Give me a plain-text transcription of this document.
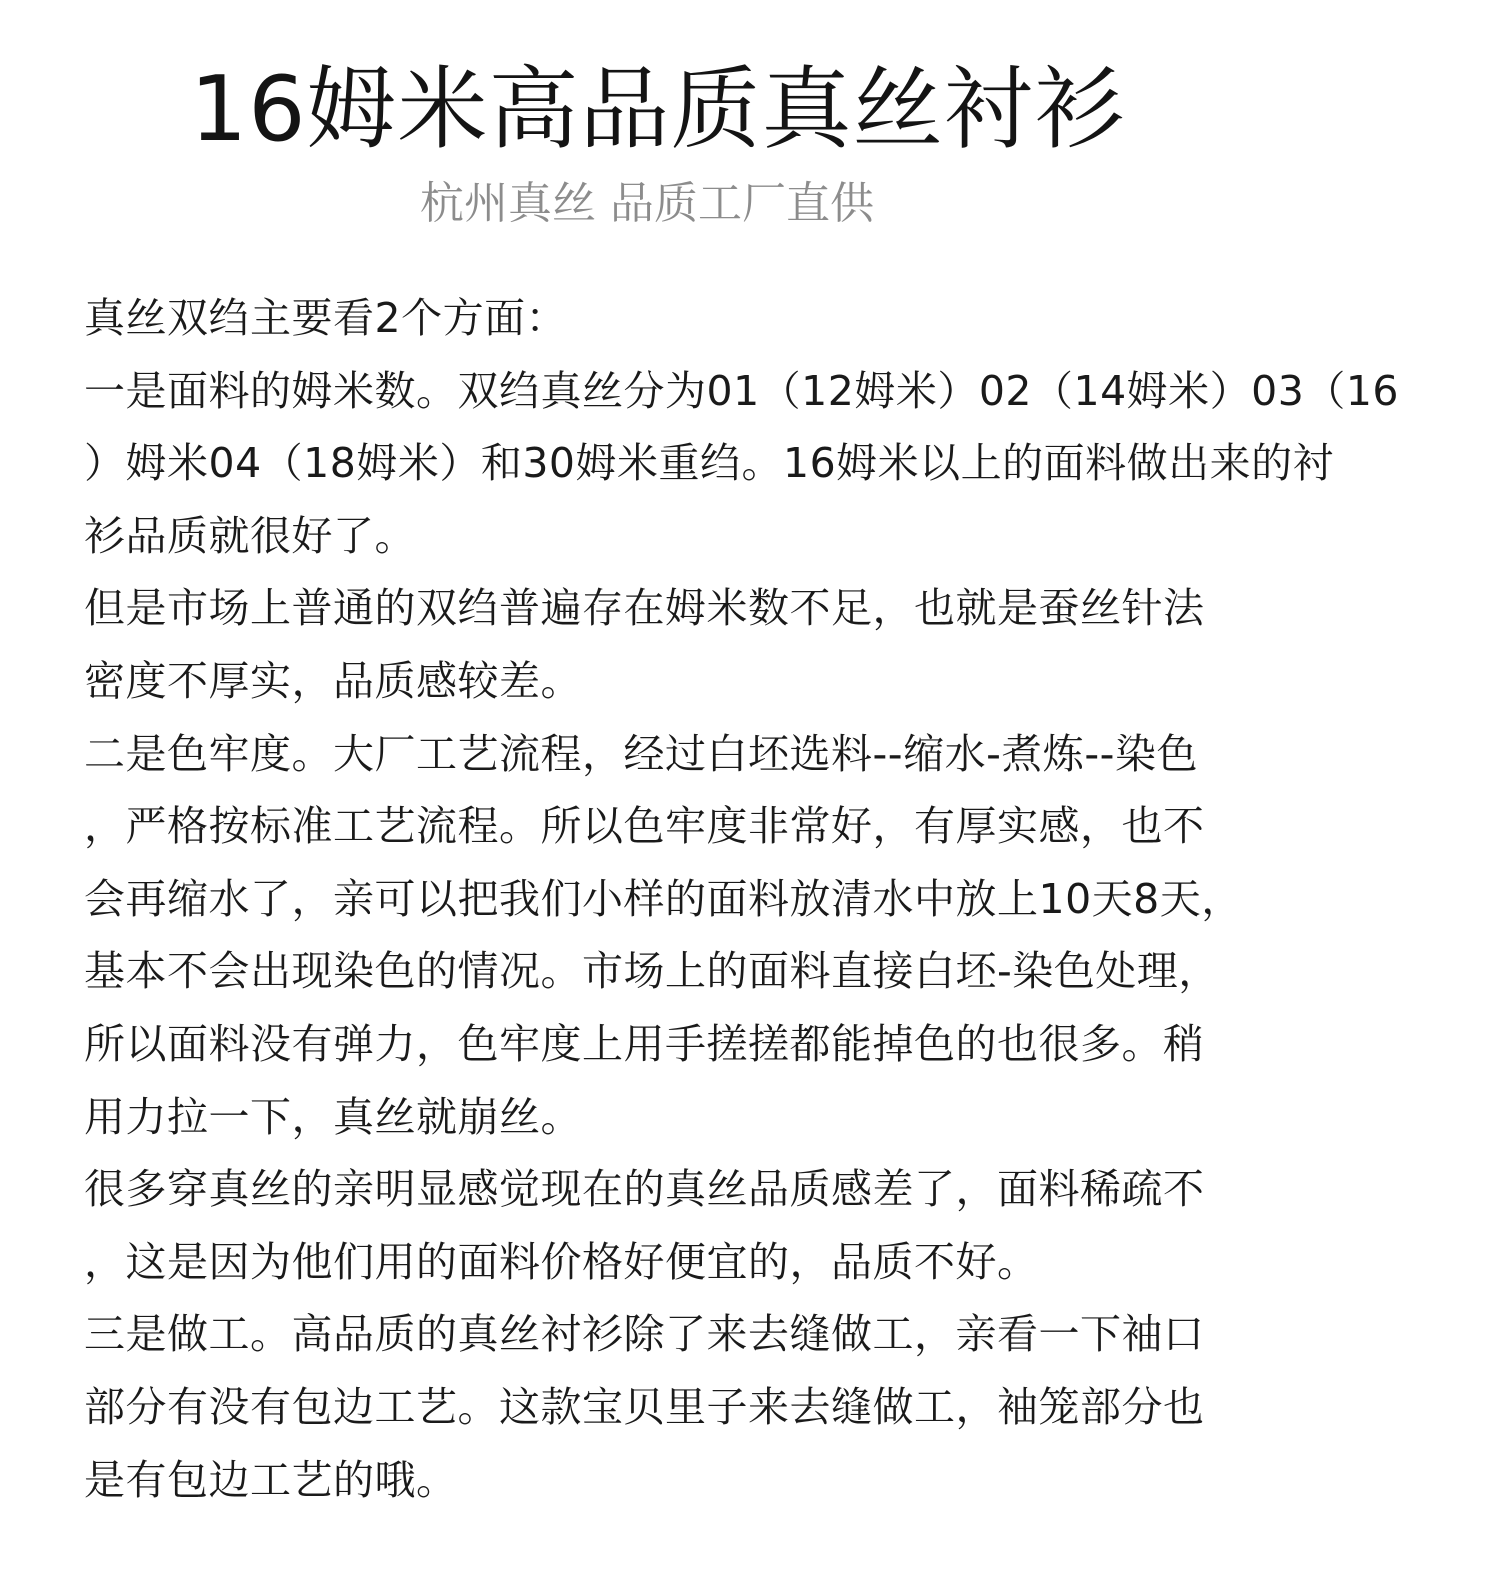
16姆米高品质真丝衬衫

杭州真丝 品质工厂直供

真丝双绉主要看2个方面：
一是面料的姆米数。双绉真丝分为01（12姆米）02（14姆米）03（16
）姆米04（18姆米）和30姆米重绉。16姆米以上的面料做出来的衬
衫品质就很好了。
但是市场上普通的双绉普遍存在姆米数不足，也就是蚕丝针法
密度不厚实，品质感较差。
二是色牢度。大厂工艺流程，经过白坯选料--缩水-煮炼--染色
，严格按标准工艺流程。所以色牢度非常好，有厚实感，也不
会再缩水了，亲可以把我们小样的面料放清水中放上10天8天，
基本不会出现染色的情况。市场上的面料直接白坯-染色处理，
所以面料没有弹力，色牢度上用手搓搓都能掉色的也很多。稍
用力拉一下，真丝就崩丝。
很多穿真丝的亲明显感觉现在的真丝品质感差了，面料稀疏不
，这是因为他们用的面料价格好便宜的，品质不好。
三是做工。高品质的真丝衬衫除了来去缝做工，亲看一下袖口
部分有没有包边工艺。这款宝贝里子来去缝做工，袖笼部分也
是有包边工艺的哦。
